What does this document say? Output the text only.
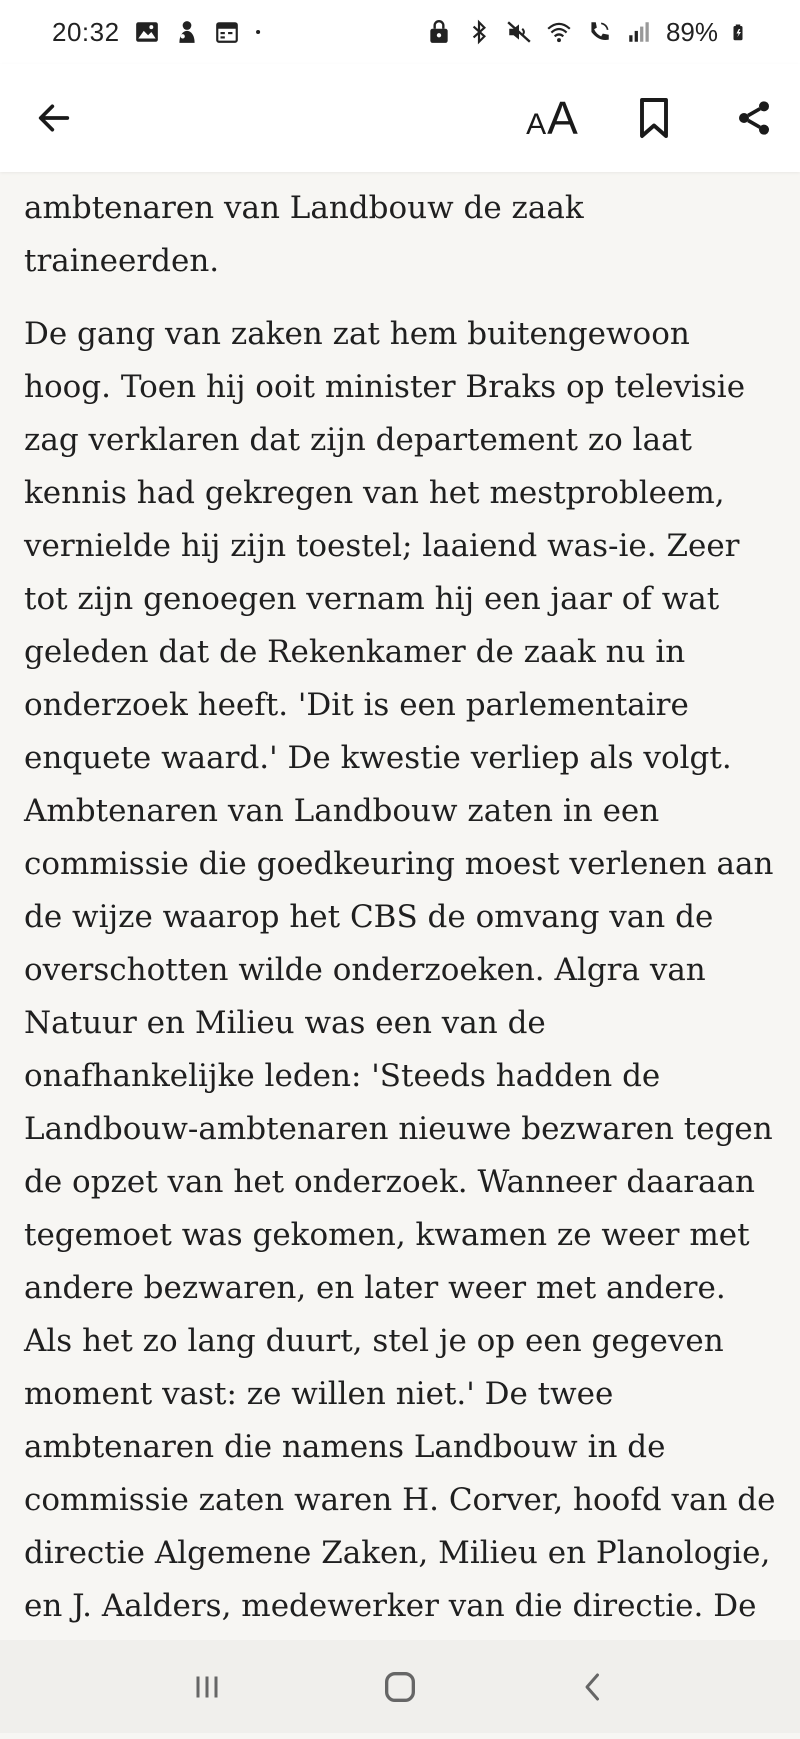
20:32	89%
A A

ambtenaren van Landbouw de zaak traineerden.

De gang van zaken zat hem buitengewoon hoog. Toen hij ooit minister Braks op televisie zag verklaren dat zijn departement zo laat kennis had gekregen van het mestprobleem, vernielde hij zijn toestel; laaiend was-ie. Zeer tot zijn genoegen vernam hij een jaar of wat geleden dat de Rekenkamer de zaak nu in onderzoek heeft. 'Dit is een parlementaire enquete waard.' De kwestie verliep als volgt. Ambtenaren van Landbouw zaten in een commissie die goedkeuring moest verlenen aan de wijze waarop het CBS de omvang van de overschotten wilde onderzoeken. Algra van Natuur en Milieu was een van de onafhankelijke leden: 'Steeds hadden de Landbouw-ambtenaren nieuwe bezwaren tegen de opzet van het onderzoek. Wanneer daaraan tegemoet was gekomen, kwamen ze weer met andere bezwaren, en later weer met andere. Als het zo lang duurt, stel je op een gegeven moment vast: ze willen niet.' De twee ambtenaren die namens Landbouw in de commissie zaten waren H. Corver, hoofd van de directie Algemene Zaken, Milieu en Planologie, en J. Aalders, medewerker van die directie. De
